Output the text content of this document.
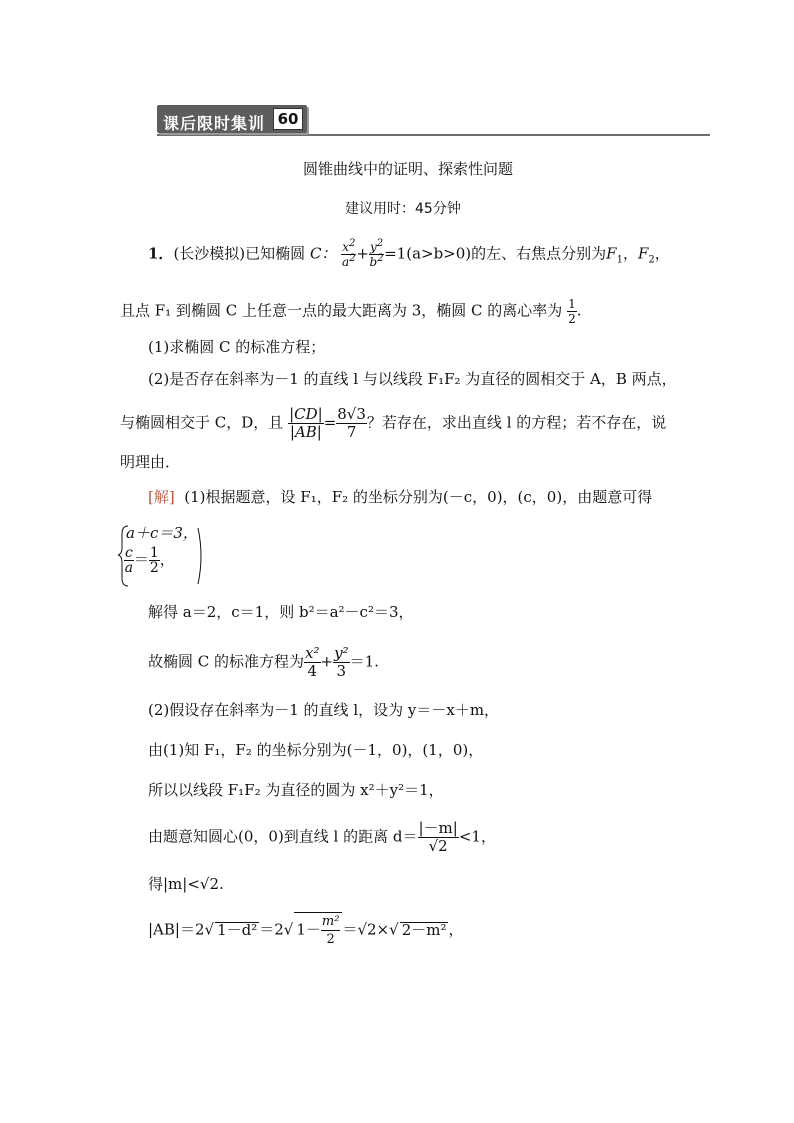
课后限时集训 60
圆锥曲线中的证明、探索性问题
建议用时：45分钟
1．(长沙模拟)已知椭圆 C： $\frac{x^2}{a^2} + \frac{y^2}{b^2} =1(a>b>0)$的左、右焦点分别为$F_1$，$F_2$，
且点 F₁ 到椭圆 C 上任意一点的最大距离为 3，椭圆 C 的离心率为 $\frac{1}{2}$ .
(1)求椭圆 C 的标准方程；
(2)是否存在斜率为－1 的直线 l 与以线段 F₁F₂ 为直径的圆相交于 A，B 两点，
与椭圆相交于 C，D，且 $\frac{|CD|}{|AB|} = \frac{8√3}{7}$ ？若存在，求出直线 l 的方程；若不存在，说
明理由．
[解] (1)根据题意，设 F₁，F₂ 的坐标分别为(－c，0)，(c，0)，由题意可得
a＋c＝3，
$\frac{c}{a} = \frac{1}{2}$ ，
解得 a＝2，c＝1，则 b²＝a²－c²＝3，
故椭圆 C 的标准方程为 $\frac{\text{x²}}{4} + \frac{\text{y²}}{3} =1$.
(2)假设存在斜率为－1 的直线 l，设为 y＝－x＋m，
由(1)知 F₁，F₂ 的坐标分别为(－1，0)，(1，0)，
所以以线段 F₁F₂ 为直径的圆为 x²＋y²＝1，
由题意知圆心(0，0)到直线 l 的距离 $d= \frac{|-m|}{√2} <1$，
得|m|<√2.
|AB|＝2√ 1－d² ＝2√ $1- \frac{\text{m²}}{2} =√2\times√$ 2－m² ，
